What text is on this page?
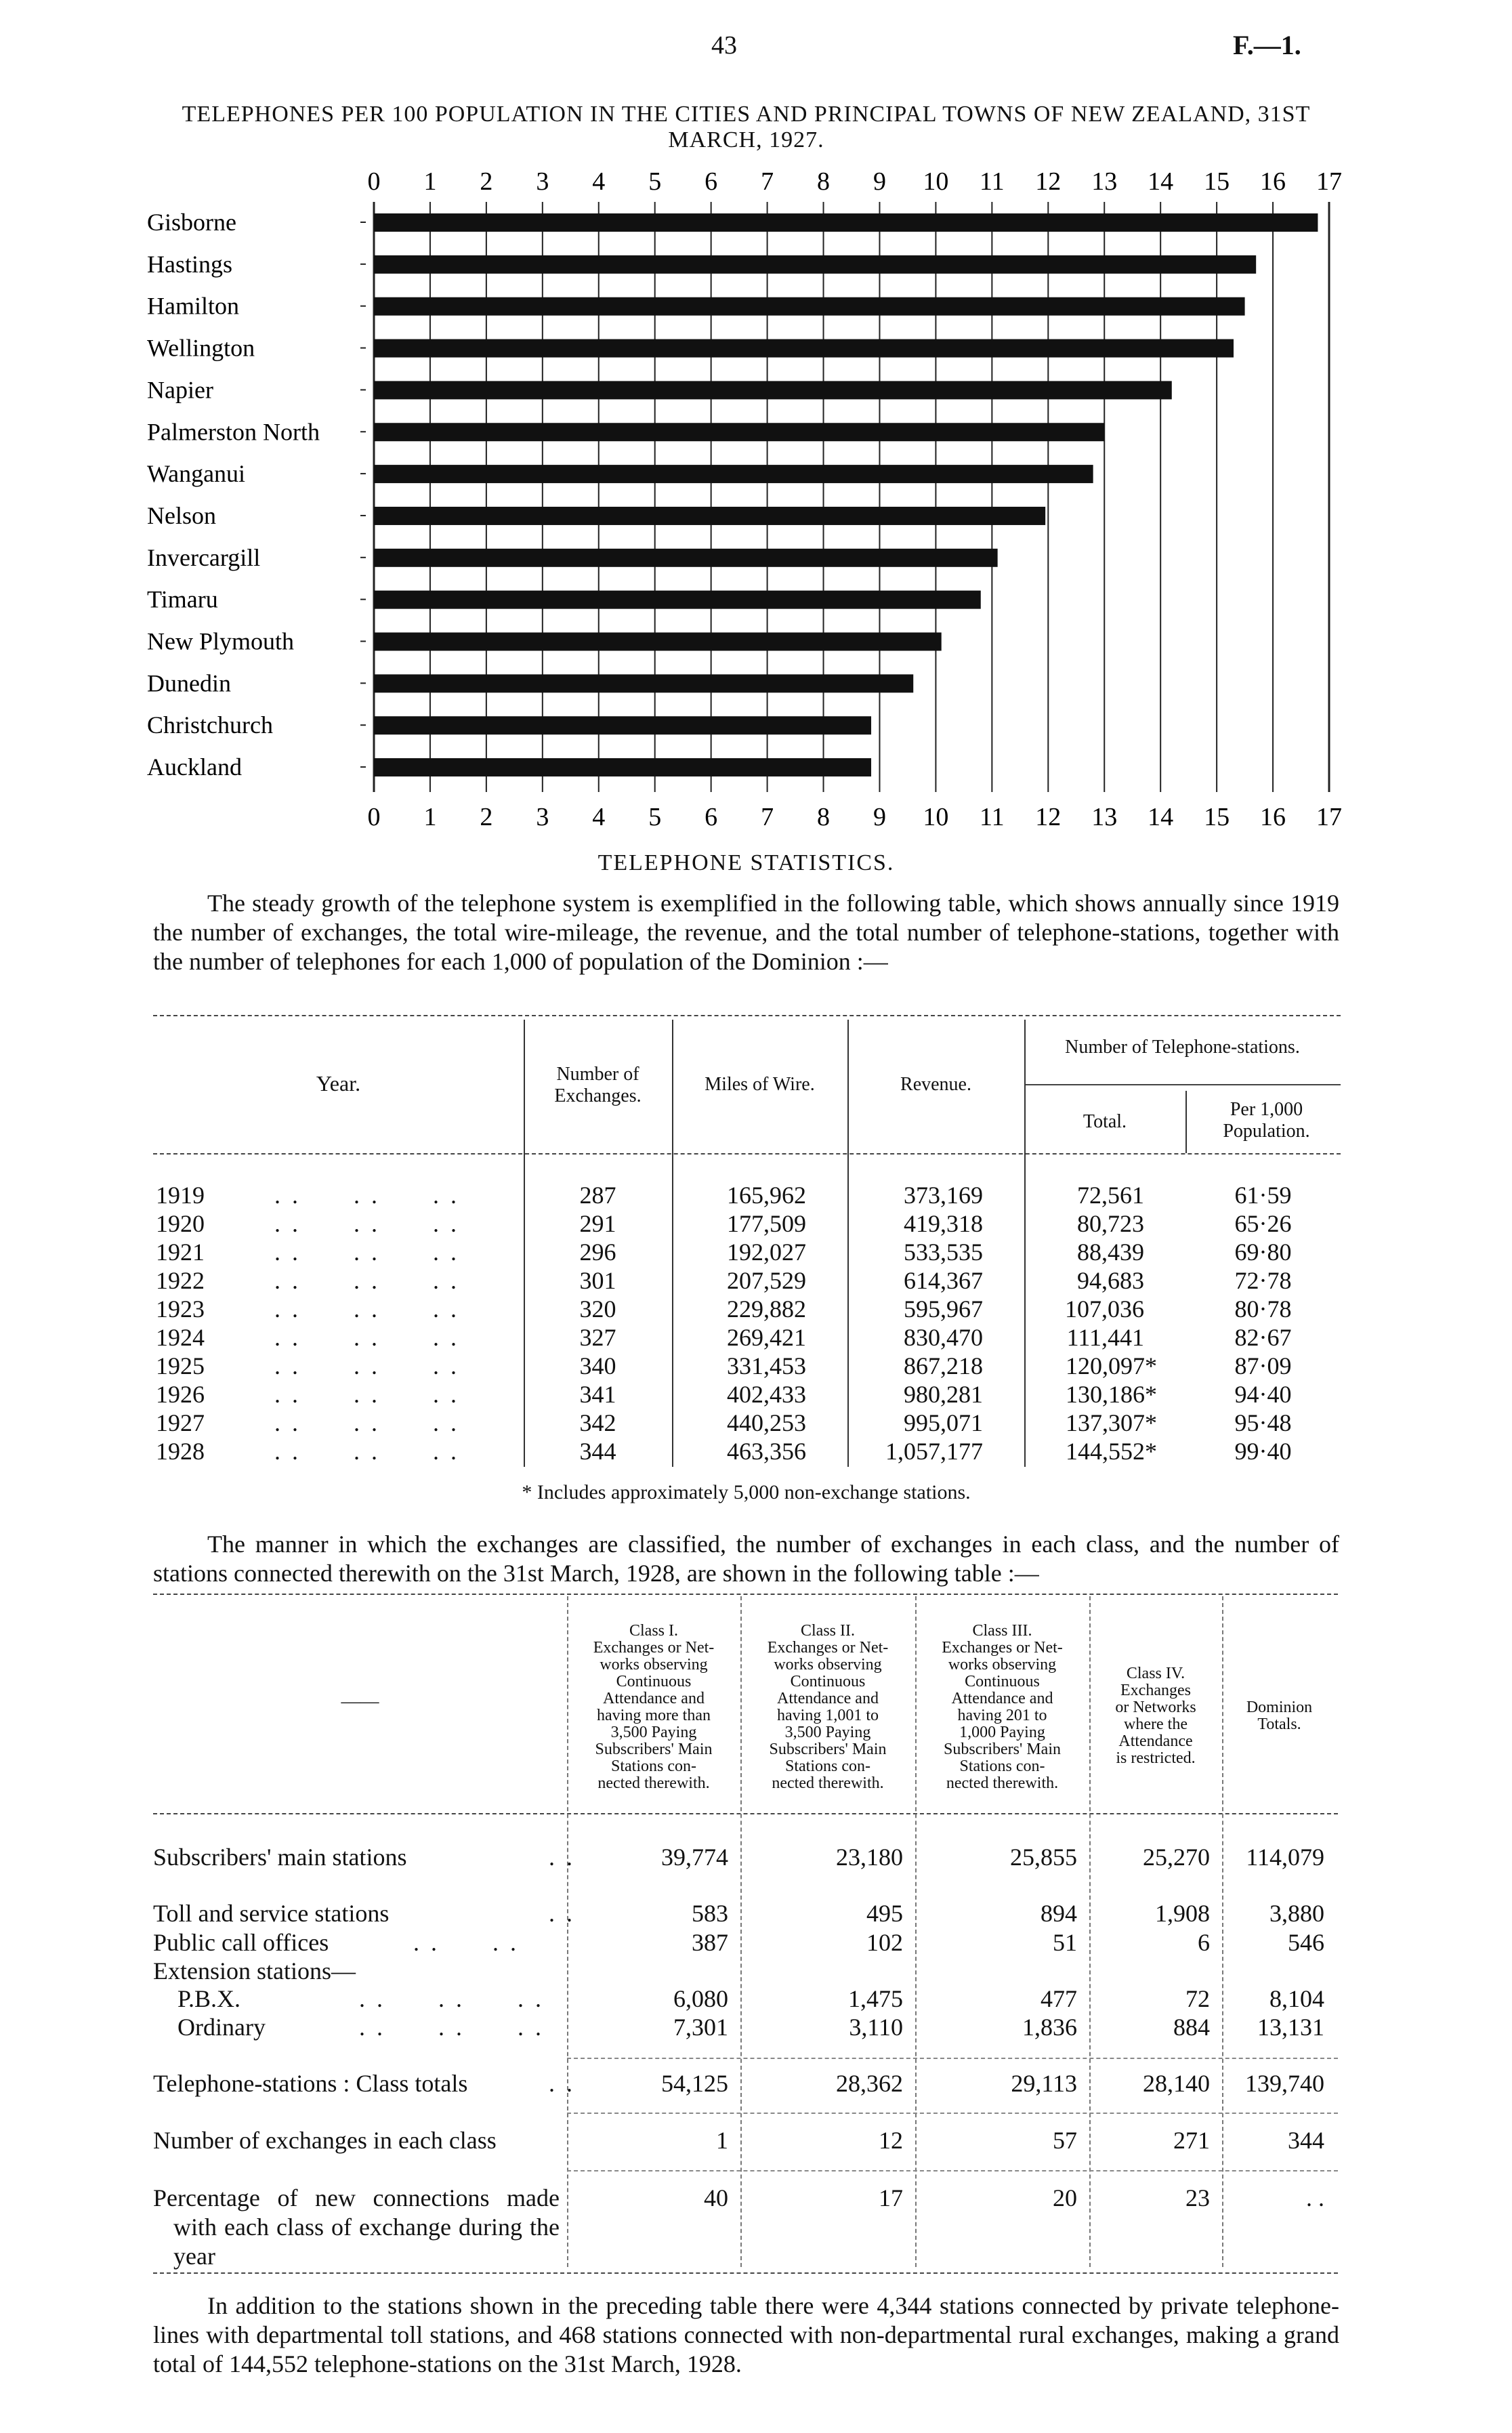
43	F.—1.
TELEPHONES PER 100 POPULATION IN THE CITIES AND PRINCIPAL TOWNS OF NEW ZEALAND, 31ST MARCH, 1927.
0
0
1
1
2
2
3
3
4
4
5
5
6
6
7
7
8
8
9
9
10
10
11
11
12
12
13
13
14
14
15
15
16
16
17
17
Gisborne
Hastings
Hamilton
Wellington
Napier
Palmerston North
Wanganui
Nelson
Invercargill
Timaru
New Plymouth
Dunedin
Christchurch
Auckland
TELEPHONE STATISTICS.
The steady growth of the telephone system is exemplified in the following table, which shows annually since 1919 the number of exchanges, the total wire-mileage, the revenue, and the total number of telephone-stations, together with the number of telephones for each 1,000 of population of the Dominion :—
Year.	Number of Exchanges.
Miles of Wire.	Revenue.
Number of Telephone-stations.
Total.
Per 1,000 Population.
1919	. .      . .      . .	287	165,962	373,169	72,561	61·59
1920	. .      . .      . .	291	177,509	419,318	80,723	65·26
1921	. .      . .      . .	296	192,027	533,535	88,439	69·80
1922	. .      . .      . .	301	207,529	614,367	94,683	72·78
1923	. .      . .      . .	320	229,882	595,967	107,036	80·78
1924	. .      . .      . .	327	269,421	830,470	111,441	82·67
1925	. .      . .      . .	340	331,453	867,218	120,097*	87·09
1926	. .      . .      . .	341	402,433	980,281	130,186*	94·40
1927	. .      . .      . .	342	440,253	995,071	137,307*	95·48
1928	. .      . .      . .	344	463,356	1,057,177	144,552*	99·40
* Includes approximately 5,000 non-exchange stations.
The manner in which the exchanges are classified, the number of exchanges in each class, and the number of stations connected therewith on the 31st March, 1928, are shown in the following table :—
——
Class I.
Exchanges or Net-
works observing
Continuous
Attendance and
having more than
3,500 Paying
Subscribers' Main
Stations con-
nected therewith.
Class II.
Exchanges or Net-
works observing
Continuous
Attendance and
having 1,001 to
3,500 Paying
Subscribers' Main
Stations con-
nected therewith.
Class III.
Exchanges or Net-
works observing
Continuous
Attendance and
having 201 to
1,000 Paying
Subscribers' Main
Stations con-
nected therewith.
Class IV.
Exchanges
or Networks
where the
Attendance
is restricted.
Dominion
Totals.
Subscribers' main stations	. .	39,774	23,180	25,855	25,270	114,079
Toll and service stations	. .	583	495	894	1,908	3,880
Public call offices	. .      . .	387	102	51	6	546
Extension stations—
P.B.X.	. .      . .      . .	6,080	1,475	477	72	8,104
Ordinary	. .      . .      . .	7,301	3,110	1,836	884	13,131
Telephone-stations : Class totals	. .	54,125	28,362	29,113	28,140	139,740
Number of exchanges in each class	1	12	57	271	344
Percentage of new connections made with each class of exchange during the year
40	17	20	23	. .
In addition to the stations shown in the preceding table there were 4,344 stations connected by private telephone-lines with departmental toll stations, and 468 stations connected with non-departmental rural exchanges, making a grand total of 144,552 telephone-stations on the 31st March, 1928.
